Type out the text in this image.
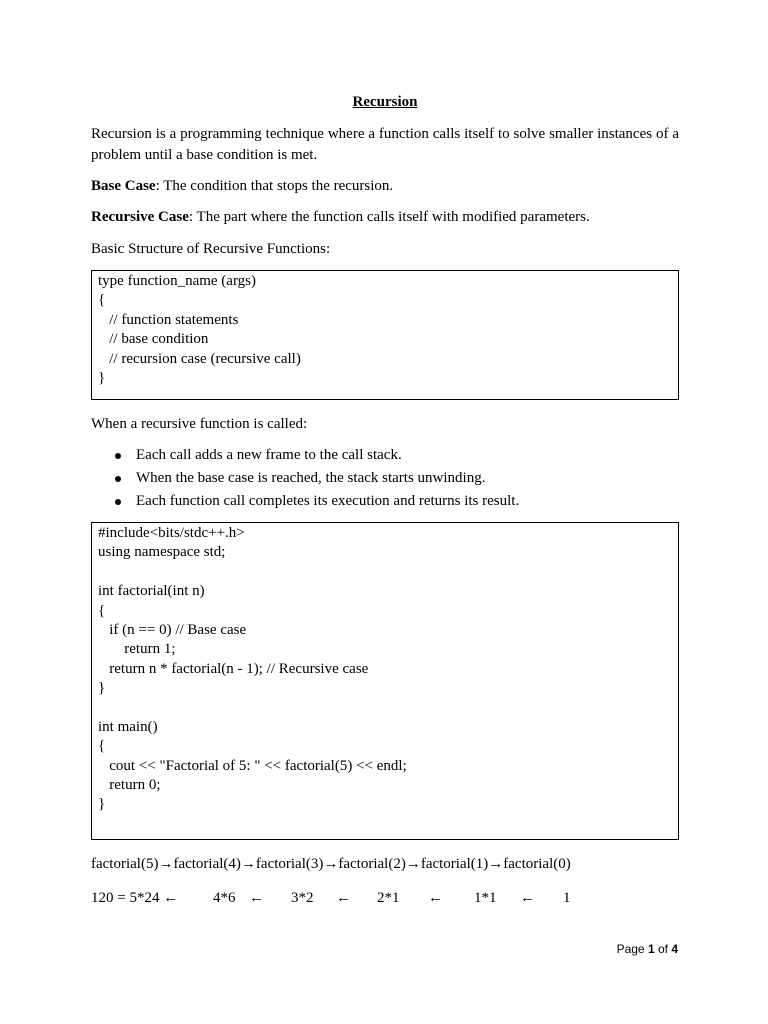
Recursion
Recursion is a programming technique where a function calls itself to solve smaller instances of a problem until a base condition is met.
Base Case: The condition that stops the recursion.
Recursive Case: The part where the function calls itself with modified parameters.
Basic Structure of Recursive Functions:
type function_name (args)
{
// function statements
// base condition
// recursion case (recursive call)
}
When a recursive function is called:
Each call adds a new frame to the call stack.
When the base case is reached, the stack starts unwinding.
Each function call completes its execution and returns its result.
#include<bits/stdc++.h>
using namespace std;
int factorial(int n)
{
if (n == 0) // Base case
return 1;
return n * factorial(n - 1); // Recursive case
}
int main()
{
cout << "Factorial of 5: " << factorial(5) << endl;
return 0;
}
factorial(5)→factorial(4)→factorial(3)→factorial(2)→factorial(1)→factorial(0)
120 = 5*24 ← 4*6 ← 3*2 ← 2*1 ← 1*1 ← 1
Page 1 of 4
